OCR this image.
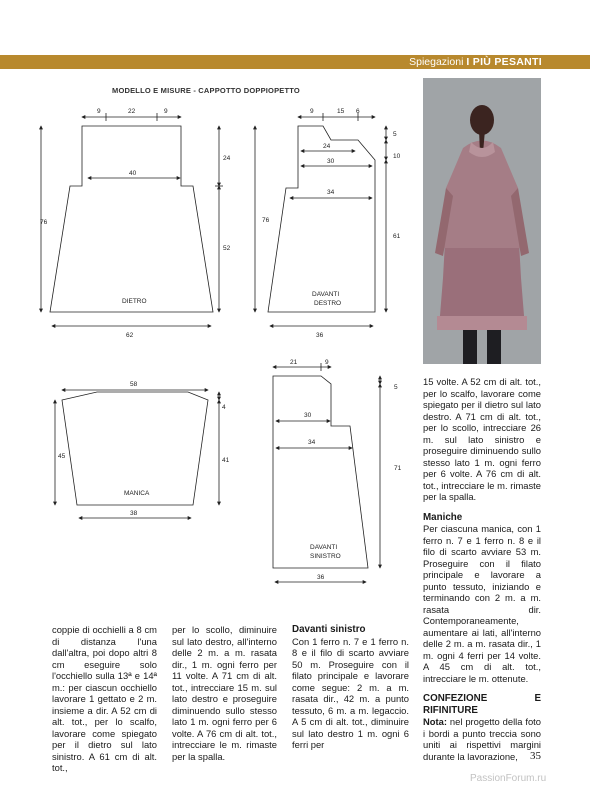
Spiegazioni I PIÙ PESANTI
MODELLO E MISURE - CAPPOTTO DOPPIOPETTO
9	22	9
40
62
76
24
52
DIETRO
9	15 6
24
30
34
36
76
5
10
61
DAVANTI
DESTRO
58
38
45
4
41
MANICA
21	9
30
34
36
5
71
DAVANTI
SINISTRO

coppie di occhielli a 8 cm di distanza l'una dall'altra, poi dopo altri 8 cm eseguire solo l'occhiello sulla 13ª e 14ª m.: per ciascun occhiello lavorare 1 gettato e 2 m. insieme a dir. A 52 cm di alt. tot., per lo scalfo, lavorare come spiegato per il dietro sul lato sinistro. A 61 cm di alt. tot.,

per lo scollo, diminuire sul lato destro, all'interno delle 2 m. a m. rasata dir., 1 m. ogni ferro per 11 volte. A 71 cm di alt. tot., intrecciare 15 m. sul lato destro e proseguire diminuendo sullo stesso lato 1 m. ogni ferro per 6 volte. A 76 cm di alt. tot., intrecciare le m. rimaste per la spalla.

Davanti sinistro

Con 1 ferro n. 7 e 1 ferro n. 8 e il filo di scarto avviare 50 m. Proseguire con il filato principale e lavorare come segue: 2 m. a m. rasata dir., 42 m. a punto tessuto, 6 m. a m. legaccio. A 5 cm di alt. tot., diminuire sul lato destro 1 m. ogni 6 ferri per

15 volte. A 52 cm di alt. tot., per lo scalfo, lavorare come spiegato per il dietro sul lato destro. A 71 cm di alt. tot., per lo scollo, intrecciare 26 m. sul lato sinistro e proseguire diminuendo sullo stesso lato 1 m. ogni ferro per 6 volte. A 76 cm di alt. tot., intrecciare le m. rimaste per la spalla.

Maniche

Per ciascuna manica, con 1 ferro n. 7 e 1 ferro n. 8 e il filo di scarto avviare 53 m. Proseguire con il filato principale e lavorare a punto tessuto, iniziando e terminando con 2 m. a m. rasata dir. Contemporaneamente, aumentare ai lati, all'interno delle 2 m. a m. rasata dir., 1 m. ogni 4 ferri per 14 volte. A 45 cm di alt. tot., intrecciare le m. ottenute.

CONFEZIONE E RIFINITURE

Nota: nel progetto della foto i bordi a punto treccia sono uniti ai rispettivi margini durante la lavorazione,	35
PassionForum.ru
